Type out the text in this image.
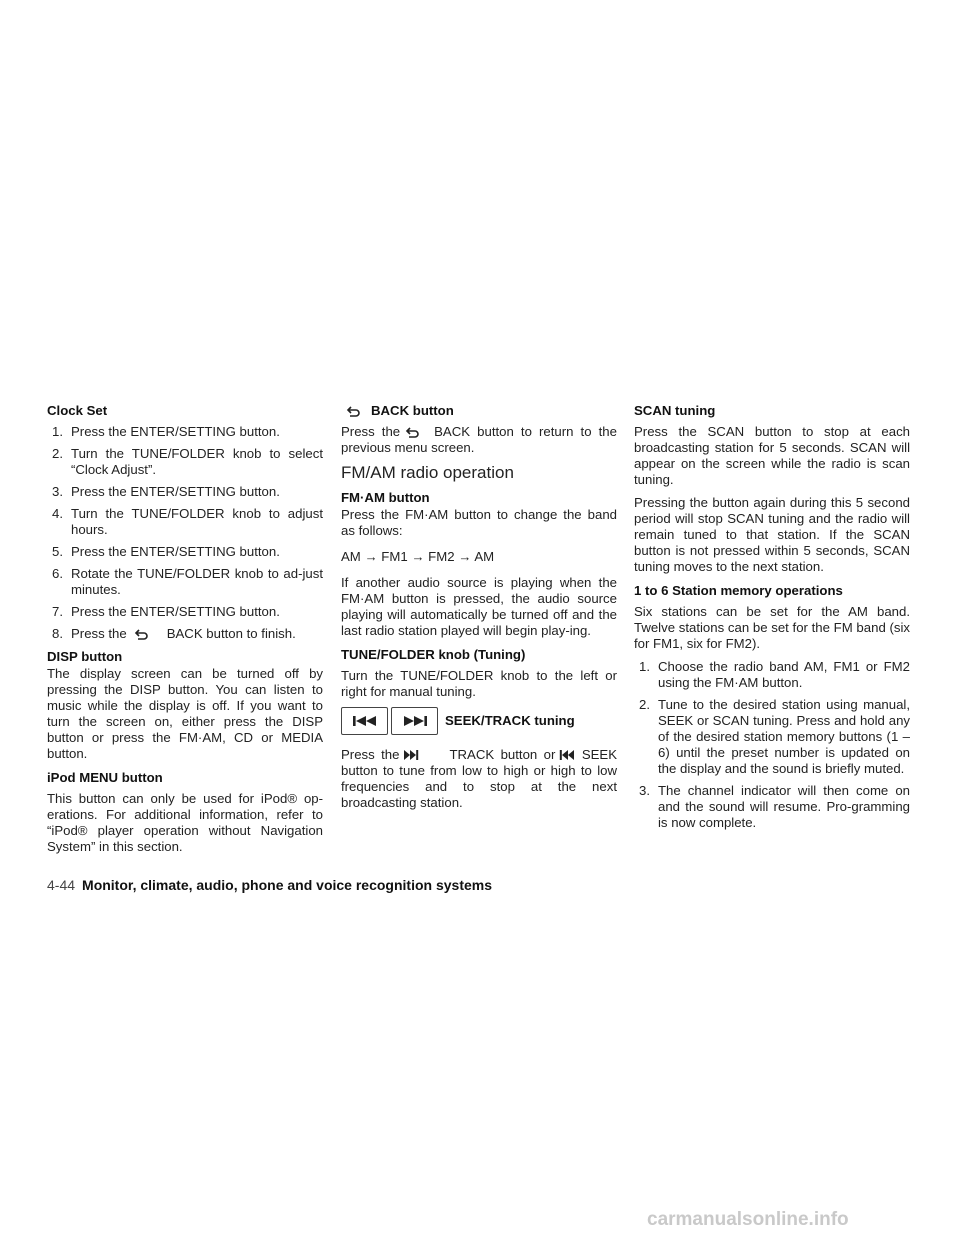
Clock Set
1. Press the ENTER/SETTING button.
2. Turn the TUNE/FOLDER knob to select “Clock Adjust”.
3. Press the ENTER/SETTING button.
4. Turn the TUNE/FOLDER knob to adjust hours.
5. Press the ENTER/SETTING button.
6. Rotate the TUNE/FOLDER knob to ad-just minutes.
7. Press the ENTER/SETTING button.
8. Press the	BACK button to finish.
DISP button

The display screen can be turned off by pressing the DISP button. You can listen to music while the display is off. If you want to turn the screen on, either press the DISP button or press the FM·AM, CD or MEDIA button.

iPod MENU button

This button can only be used for iPod® op-erations. For additional information, refer to “iPod® player operation without Navigation System” in this section.

BACK button

Press the	BACK button to return to the previous menu screen.

FM/AM radio operation
FM·AM button

Press the FM·AM button to change the band as follows:

AM → FM1 → FM2 → AM

If another audio source is playing when the FM·AM button is pressed, the audio source playing will automatically be turned off and the last radio station played will begin play-ing.

TUNE/FOLDER knob (Tuning)

Turn the TUNE/FOLDER knob to the left or right for manual tuning.

SEEK/TRACK tuning

Press the	TRACK button or SEEK button to tune from low to high or high to low frequencies and to stop at the next broadcasting station.

SCAN tuning

Press the SCAN button to stop at each broadcasting station for 5 seconds. SCAN will appear on the screen while the radio is scan tuning.

Pressing the button again during this 5 second period will stop SCAN tuning and the radio will remain tuned to that station. If the SCAN button is not pressed within 5 seconds, SCAN tuning moves to the next station.

1 to 6 Station memory operations

Six stations can be set for the AM band. Twelve stations can be set for the FM band (six for FM1, six for FM2).

1. Choose the radio band AM, FM1 or FM2 using the FM·AM button.
2. Tune to the desired station using manual, SEEK or SCAN tuning. Press and hold any of the desired station memory buttons (1 – 6) until the preset number is updated on the display and the sound is briefly muted.
3. The channel indicator will then come on and the sound will resume. Pro-gramming is now complete.
4-44 Monitor, climate, audio, phone and voice recognition systems
carmanualsonline.info
